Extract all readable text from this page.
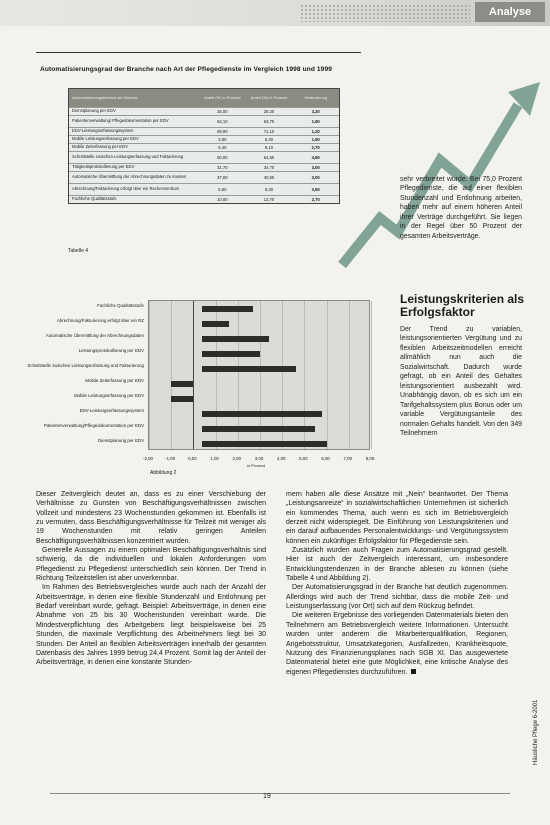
Analyse
Automatisierungsgrad der Branche nach Art der Pflegedienste im Vergleich 1998 und 1999
Automatisierungsbereich der Dienste	Anteil (%) in Prozent	Anteil (%) in Prozent	Veränderung
Dienstplanung per EDV	25,00	28,20	3,20
Patientenverwaltung/ Pflegedokumentation per EDV	62,10	63,70	1,60
EDV-Leistungserfassungssystem	69,90	71,10	1,20
Mobile Leistungserfassung per EDV	3,80	5,30	1,50
Mobile Zeiterfassung per EDV	6,40	9,10	2,70
Schnittstelle zwischen Leistungserfassung und Fakturierung	60,00	64,60	4,60
Tätigkeitsprotokollierung per EDV	31,70	34,70	3,00
Automatische Übermittlung der Abrechnungsdaten zu Kassen	37,60	40,60	3,00
Abrechnung/Fakturierung erfolgt über ein Rechenzentrum	5,80	9,30	3,50
Fachliche Qualitätsstufe	10,00	12,70	2,70
Tabelle 4
Fachliche Qualitätsstufe
Abrechnung/Fakturierung erfolgt über ein RZ
Automatische Übermittlung der Abrechnungsdaten
Leistungsprotokollierung per EDV
Schnittstelle zwischen Leistungserfassung und Fakturierung
Mobile Zeiterfassung per EDV
Mobile Leistungserfassung per EDV
EDV-Leistungserfassungssystem
Patientenverwaltung/Pflegedokumentation per EDV
Dienstplanung per EDV
-2,00	-1,00	0,00	1,00	2,00	3,00	4,00	5,00	6,00	7,00	8,00
in Prozent
Abbildung 2
sehr verbreitet wurde. Bei 75,0 Prozent Pflegedienste, die auf einer flexiblen Stundenzahl und Entlohnung arbeiten, haben mehr auf einem höheren Anteil ihrer Verträge durchgeführt. Sie liegen in der Regel über 50 Prozent der gesamten Arbeitsverträge.
Leistungskriterien als Erfolgsfaktor
Der Trend zu variablen, leistungsorientierten Vergütung und zu flexiblen Arbeitszeitmodellen erreicht allmählich nun auch die Sozialwirtschaft. Dadurch wurde gefragt, ob ein Anteil des Gehaltes leistungsorientiert ausbezahlt wird. Unabhängig davon, ob es sich um ein Tarifgehaltssystem plus Bonus oder um variable Vergütungsanteile des normalen Gehalts handelt. Von den 349 Teilnehmern

Dieser Zeitvergleich deutet an, dass es zu einer Verschiebung der Verhältnisse zu Gunsten von Beschäftigungsverhältnissen zwischen Vollzeit und mindestens 23 Wochenstunden gekommen ist. Ebenfalls ist zu vermuten, dass Beschäftigungsverhältnisse für Teilzeit mit weniger als 19 Wochenstunden mit relativ geringen Anteilen Beschäftigungsverhältnissen konzentriert wurden.

Generelle Aussagen zu einem optimalen Beschäftigungsverhältnis sind schwierig, da die individuellen und lokalen Anforderungen vom Pflegedienst zu Pflegedienst unterschiedlich sein können. Der Trend in Richtung Teilzeitstellen ist aber unverkennbar.

Im Rahmen des Betriebsvergleiches wurde auch nach der Anzahl der Arbeitsverträge, in denen eine flexible Stundenzahl und Entlohnung per Bedarf vereinbart wurde, gefragt. Beispiel: Arbeitsverträge, in denen eine Abnahme von 25 bis 30 Wochenstunden vereinbart wurde. Die Mindestverpflichtung des Arbeitgebers liegt beispielsweise bei 25 Stunden, die maximale Verpflichtung des Arbeitnehmers liegt bei 30 Stunden. Der Anteil an flexiblen Arbeitsverträgen innerhalb der gesamten Datenbasis des Jahres 1999 betrug 24,4 Prozent. Somit lag der Anteil der Arbeitsverträge, in denen eine konstante Stunden-

mern haben alle diese Ansätze mit „Nein“ beantwortet. Der Thema „Leistungsanreize“ in sozialwirtschaftlichen Unternehmen ist sicherlich ein kommendes Thema, auch wenn es sich im Betriebsvergleich derzeit nicht widerspiegelt. Die Einführung von Leistungskriterien und ein darauf aufbauendes Personalentwicklungs- und Vergütungssystem können ein zukünftiger Erfolgsfaktor für Pflegedienste sein.

Zusätzlich wurden auch Fragen zum Automatisierungsgrad gestellt. Hier ist auch der Zeitvergleich interessant, um insbesondere Entwicklungstendenzen in der Branche ablesen zu können (siehe Tabelle 4 und Abbildung 2).

Der Automatisierungsgrad in der Branche hat deutlich zugenommen. Allerdings wird auch der Trend sichtbar, dass die mobile Zeit- und Leistungserfassung (vor Ort) sich auf dem Rückzug befindet.

Die weiteren Ergebnisse des vorliegenden Datenmaterials bieten den Teilnehmern am Betriebsvergleich weitere Informationen. Untersucht wurden unter anderem die Mitarbeiterqualifikation, Regionen, Angebotsstruktur, Umsatzkategorien, Ausfallzeiten, Krankheitsquote, Nutzung des Finanzierungsplanes nach SGB XI. Das ausgewertete Datenmaterial bietet eine gute Möglichkeit, eine kritische Analyse des eigenen Pflegedienstes durchzuführen.

19
Häusliche Pflege 6-2001
